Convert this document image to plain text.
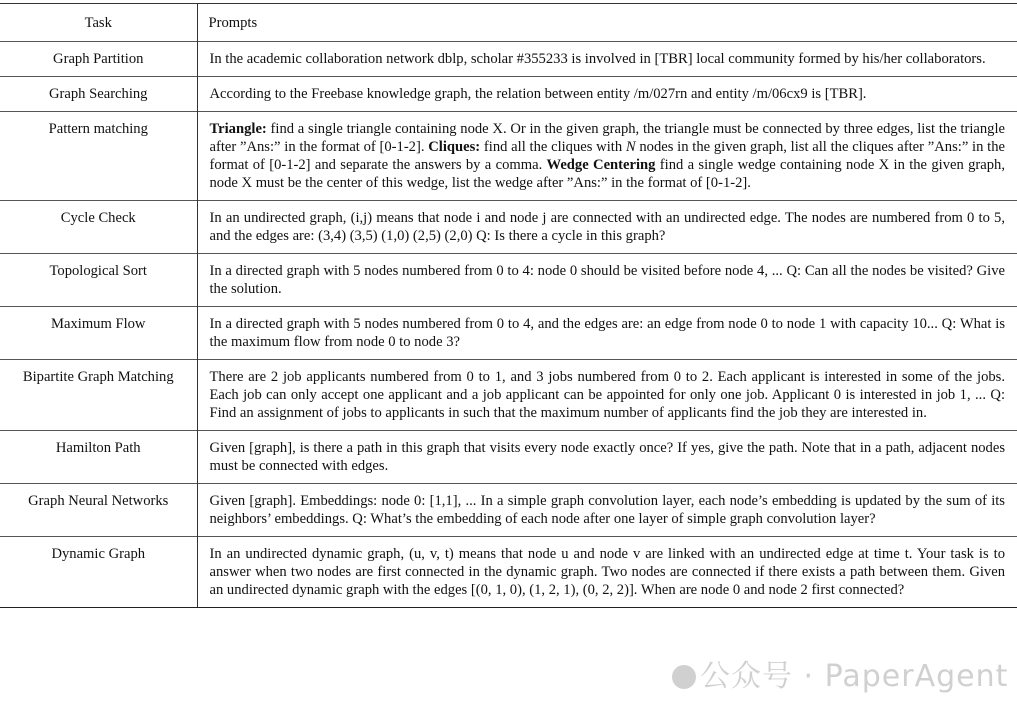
Task	Prompts

Graph Partition	In the academic collaboration network dblp, scholar #355233 is involved in [TBR] local community formed by his/her collaborators.

Graph Searching	According to the Freebase knowledge graph, the relation between entity /m/027rn and entity /m/06cx9 is [TBR].

Pattern matching	Triangle: find a single triangle containing node X. Or in the given graph, the triangle must be connected by three edges, list the triangle after ”Ans:” in the format of [0-1-2]. Cliques: find all the cliques with N nodes in the given graph, list all the cliques after ”Ans:” in the format of [0-1-2] and separate the answers by a comma. Wedge Centering find a single wedge containing node X in the given graph, node X must be the center of this wedge, list the wedge after ”Ans:” in the format of [0-1-2].

Cycle Check	In an undirected graph, (i,j) means that node i and node j are connected with an undirected edge. The nodes are numbered from 0 to 5, and the edges are: (3,4) (3,5) (1,0) (2,5) (2,0) Q: Is there a cycle in this graph?

Topological Sort	In a directed graph with 5 nodes numbered from 0 to 4: node 0 should be visited before node 4, ... Q: Can all the nodes be visited? Give the solution.

Maximum Flow	In a directed graph with 5 nodes numbered from 0 to 4, and the edges are: an edge from node 0 to node 1 with capacity 10... Q: What is the maximum flow from node 0 to node 3?

Bipartite Graph Matching	There are 2 job applicants numbered from 0 to 1, and 3 jobs numbered from 0 to 2. Each applicant is interested in some of the jobs. Each job can only accept one applicant and a job applicant can be appointed for only one job. Applicant 0 is interested in job 1, ... Q: Find an assignment of jobs to applicants in such that the maximum number of applicants find the job they are interested in.

Hamilton Path	Given [graph], is there a path in this graph that visits every node exactly once? If yes, give the path. Note that in a path, adjacent nodes must be connected with edges.

Graph Neural Networks	Given [graph]. Embeddings: node 0: [1,1], ... In a simple graph convolution layer, each node’s embedding is updated by the sum of its neighbors’ embeddings. Q: What’s the embedding of each node after one layer of simple graph convolution layer?

Dynamic Graph	In an undirected dynamic graph, (u, v, t) means that node u and node v are linked with an undirected edge at time t. Your task is to answer when two nodes are first connected in the dynamic graph. Two nodes are connected if there exists a path between them. Given an undirected dynamic graph with the edges [(0, 1, 0), (1, 2, 1), (0, 2, 2)]. When are node 0 and node 2 first connected?
公众号 · PaperAgent
